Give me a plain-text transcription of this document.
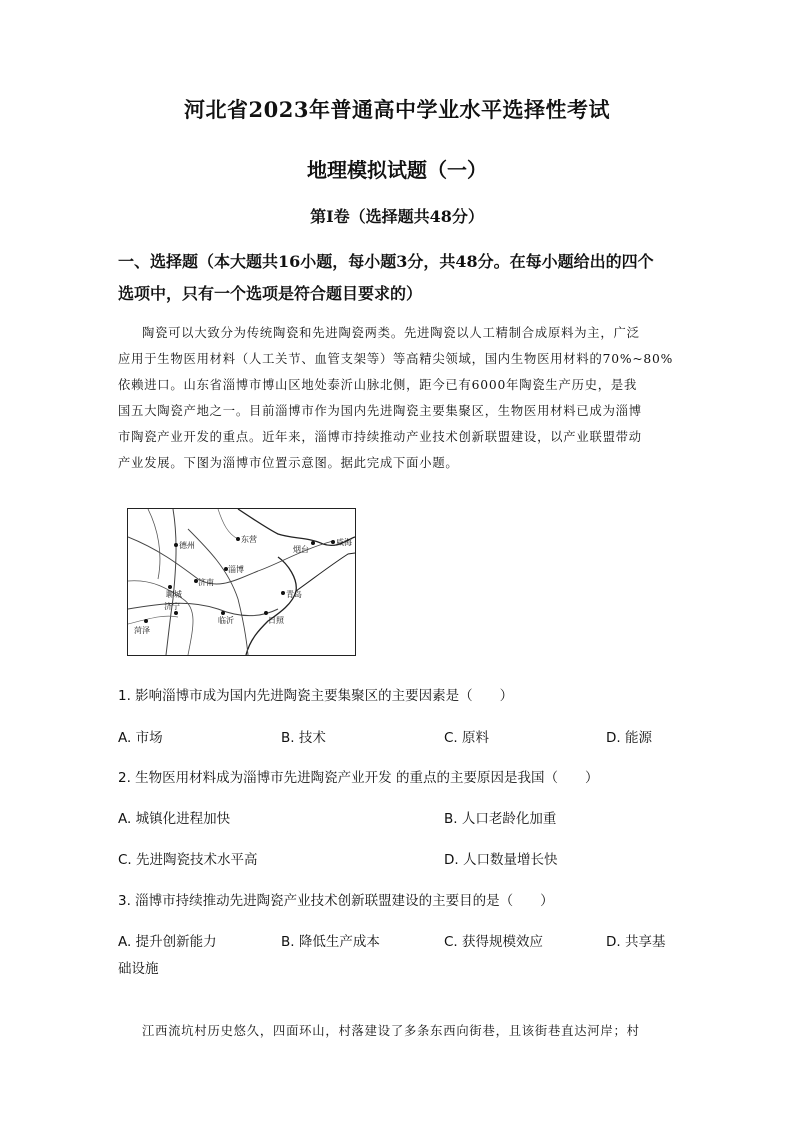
河北省2023年普通高中学业水平选择性考试
地理模拟试题（一）
第Ⅰ卷（选择题共48分）
一、选择题（本大题共16小题，每小题3分，共48分。在每小题给出的四个
选项中，只有一个选项是符合题目要求的）
陶瓷可以大致分为传统陶瓷和先进陶瓷两类。先进陶瓷以人工精制合成原料为主，广泛
应用于生物医用材料（人工关节、血管支架等）等高精尖领域，国内生物医用材料的70%~80%
依赖进口。山东省淄博市博山区地处泰沂山脉北侧，距今已有6000年陶瓷生产历史，是我
国五大陶瓷产地之一。目前淄博市作为国内先进陶瓷主要集聚区，生物医用材料已成为淄博
市陶瓷产业开发的重点。近年来，淄博市持续推动产业技术创新联盟建设，以产业联盟带动
产业发展。下图为淄博市位置示意图。据此完成下面小题。
德州
东营
烟台
威海
聊城
济南
淄博
青岛
菏泽
济宁
临沂	日照
1. 影响淄博市成为国内先进陶瓷主要集聚区的主要因素是（　　）
A. 市场	B. 技术	C. 原料	D. 能源
2. 生物医用材料成为淄博市先进陶瓷产业开发 的重点的主要原因是我国（　　）
A. 城镇化进程加快	B. 人口老龄化加重
C. 先进陶瓷技术水平高	D. 人口数量增长快
3. 淄博市持续推动先进陶瓷产业技术创新联盟建设的主要目的是（　　）
A. 提升创新能力	B. 降低生产成本	C. 获得规模效应	D. 共享基
础设施
江西流坑村历史悠久，四面环山，村落建设了多条东西向街巷，且该街巷直达河岸；村
